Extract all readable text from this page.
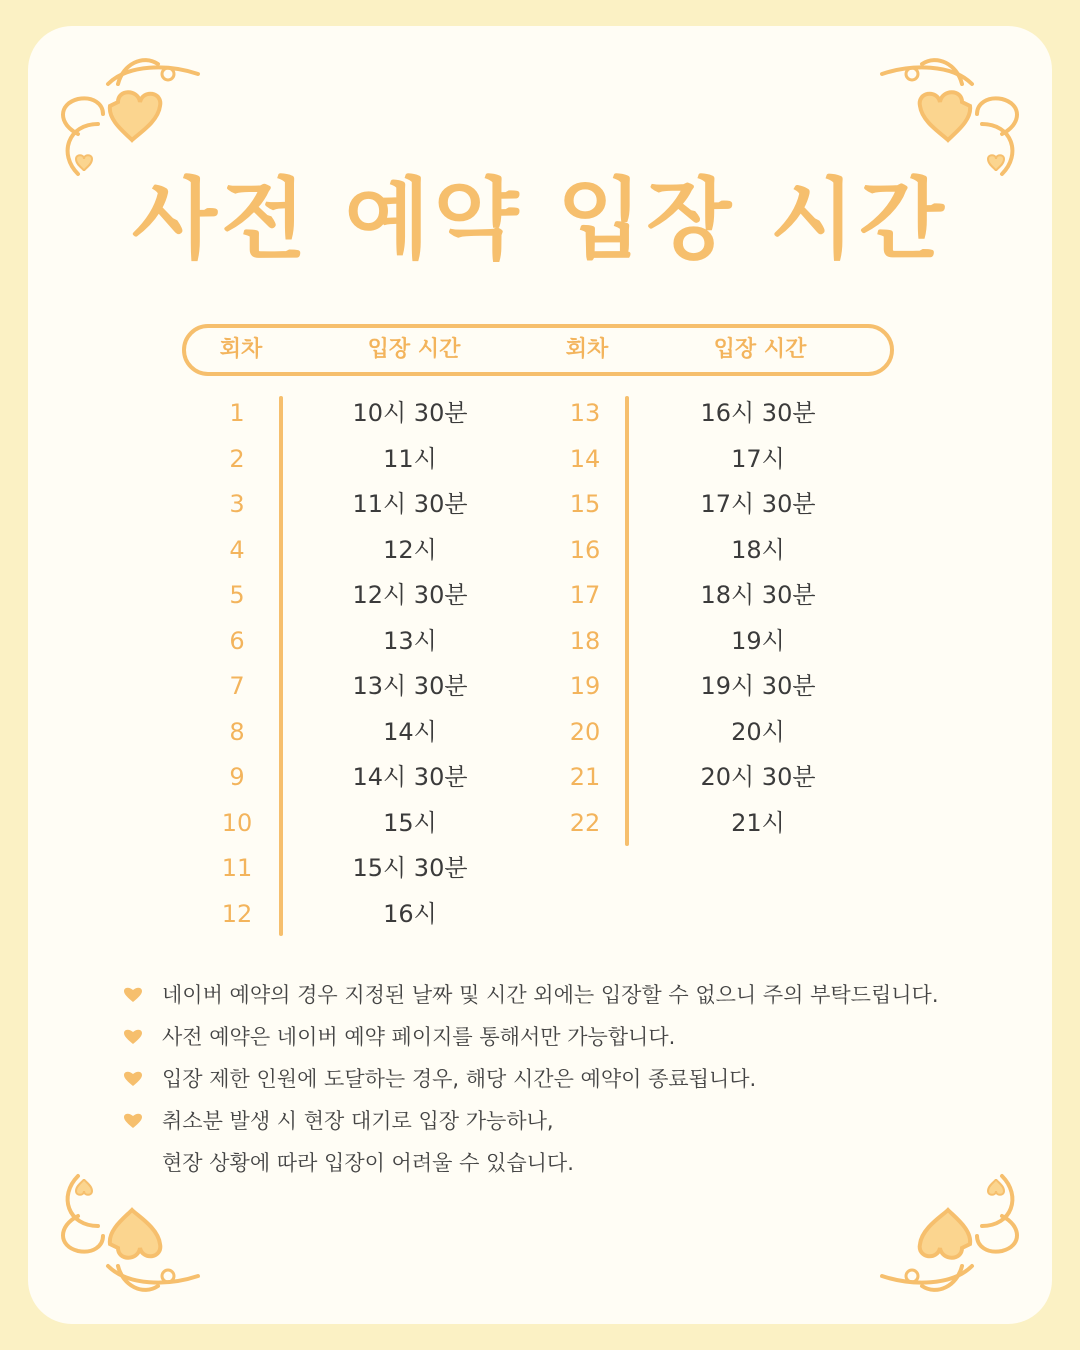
사전 예약 입장 시간
회차	입장 시간	회차	입장 시간
1	10시 30분
2	11시
3	11시 30분
4	12시
5	12시 30분
6	13시
7	13시 30분
8	14시
9	14시 30분
10	15시
11	15시 30분
12	16시
13	16시 30분
14	17시
15	17시 30분
16	18시
17	18시 30분
18	19시
19	19시 30분
20	20시
21	20시 30분
22	21시
네이버 예약의 경우 지정된 날짜 및 시간 외에는 입장할 수 없으니 주의 부탁드립니다.
사전 예약은 네이버 예약 페이지를 통해서만 가능합니다.
입장 제한 인원에 도달하는 경우, 해당 시간은 예약이 종료됩니다.
취소분 발생 시 현장 대기로 입장 가능하나,
현장 상황에 따라 입장이 어려울 수 있습니다.
